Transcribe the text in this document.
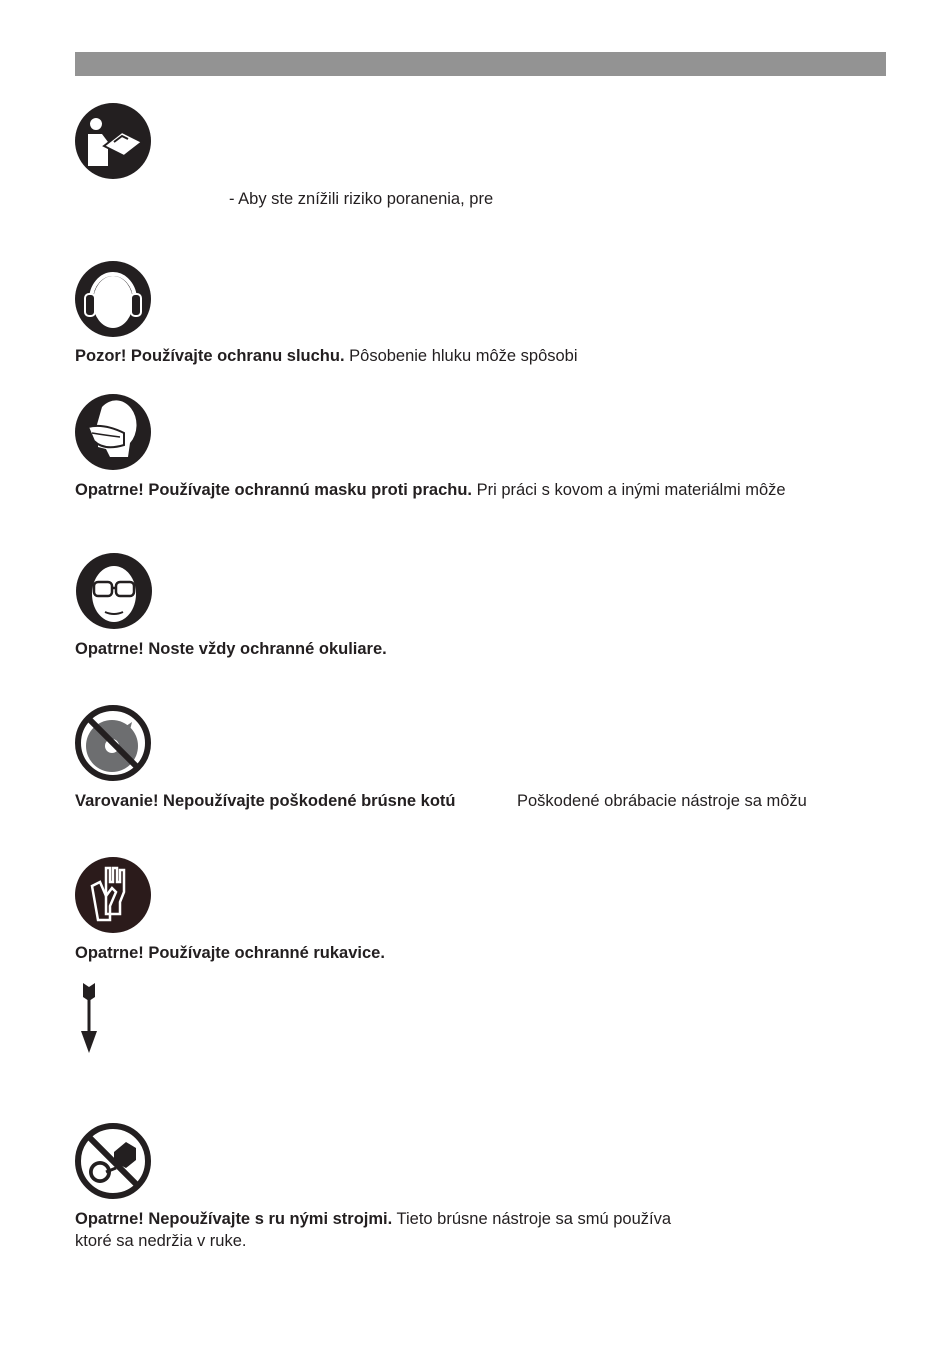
- Aby ste znížili riziko poranenia, pre
Pozor! Používajte ochranu sluchu. Pôsobenie hluku môže spôsobi
Opatrne! Používajte ochrannú masku proti prachu. Pri práci s kovom a inými materiálmi môže
Opatrne! Noste vždy ochranné okuliare.
Varovanie! Nepoužívajte poškodené brúsne kotú	Poškodené obrábacie nástroje sa môžu
Opatrne! Používajte ochranné rukavice.
Opatrne! Nepoužívajte s ru nými strojmi. Tieto brúsne nástroje sa smú používa
ktoré sa nedržia v ruke.
